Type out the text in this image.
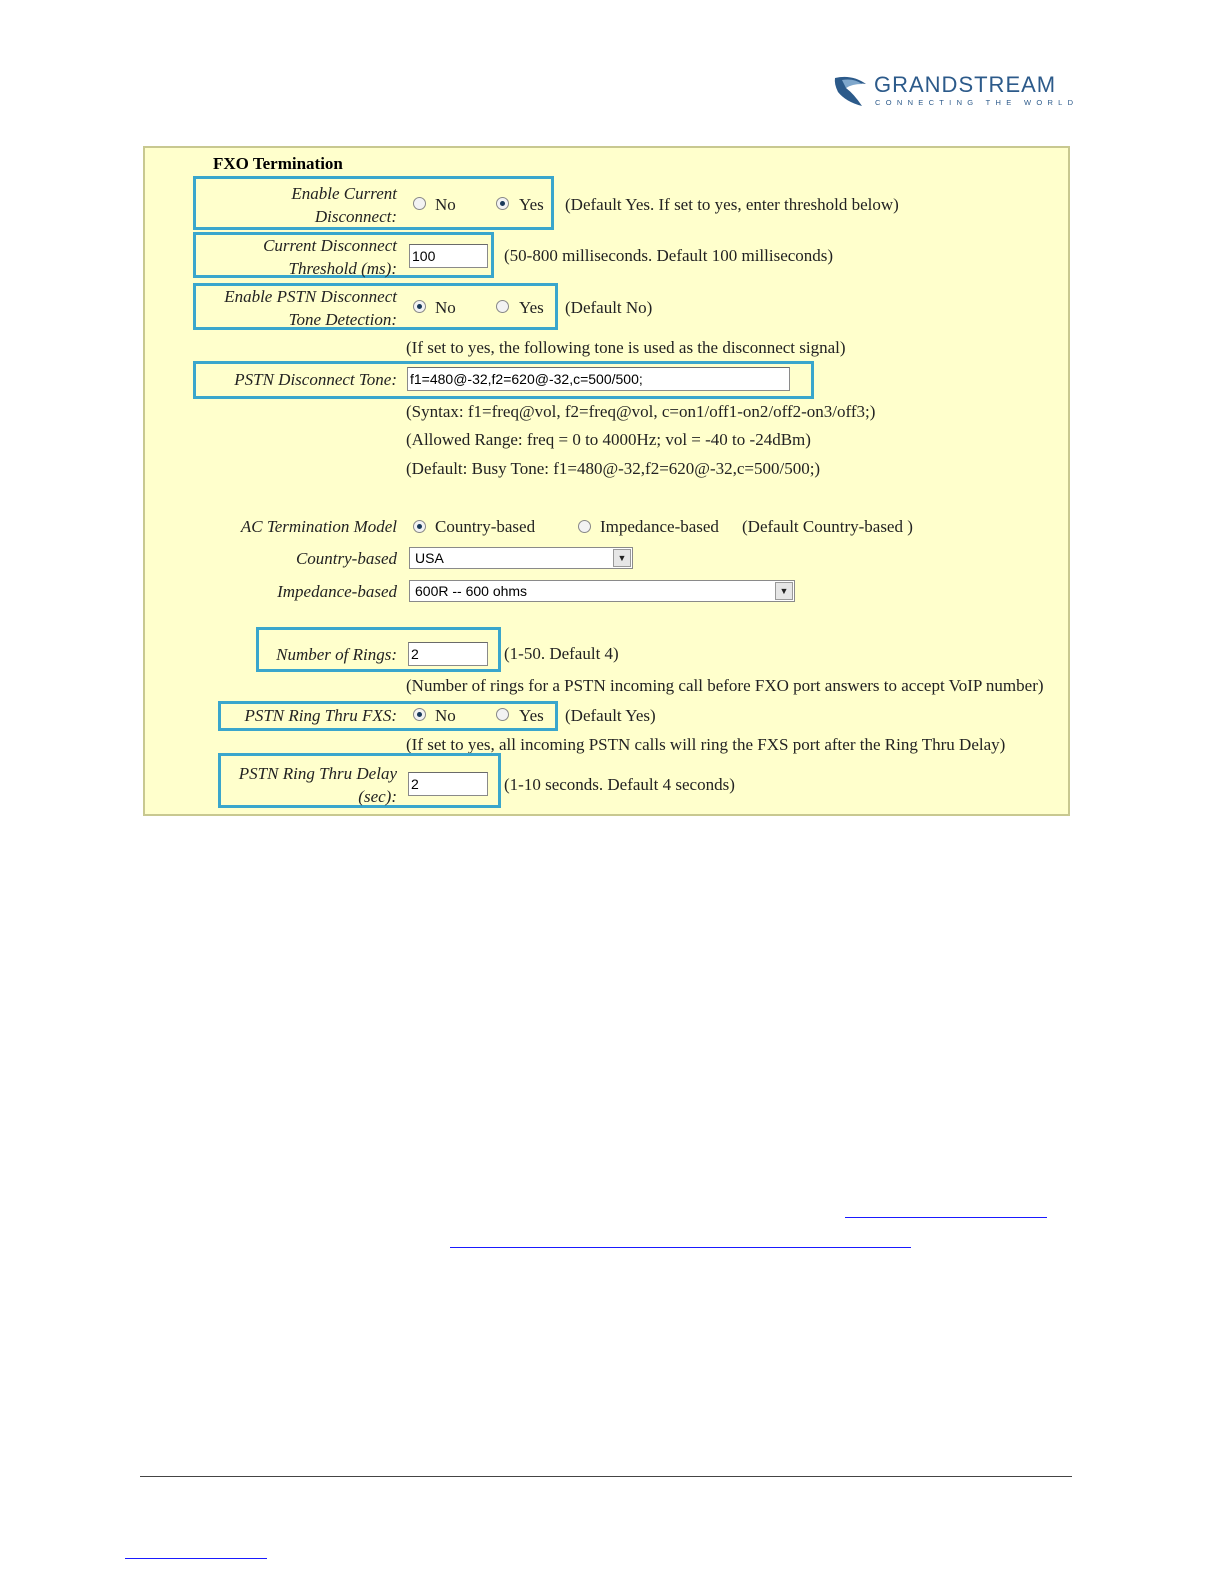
GRANDSTREAM
CONNECTING THE WORLD
FXO Termination
Enable Current
Disconnect:
No	Yes (Default Yes. If set to yes, enter threshold below)
Current Disconnect
Threshold (ms):
100	(50-800 milliseconds. Default 100 milliseconds)
Enable PSTN Disconnect
Tone Detection:
No	Yes (Default No)
(If set to yes, the following tone is used as the disconnect signal)
PSTN Disconnect Tone: f1=480@-32,f2=620@-32,c=500/500;
(Syntax: f1=freq@vol, f2=freq@vol, c=on1/off1-on2/off2-on3/off3;)
(Allowed Range: freq = 0 to 4000Hz; vol = -40 to -24dBm)
(Default: Busy Tone: f1=480@-32,f2=620@-32,c=500/500;)
AC Termination Model Country-based	Impedance-based (Default Country-based )
Country-based	USA	▼
Impedance-based	600R -- 600 ohms	▼
Number of Rings: 2	(1-50. Default 4)
(Number of rings for a PSTN incoming call before FXO port answers to accept VoIP number)
PSTN Ring Thru FXS: No	Yes (Default Yes)
(If set to yes, all incoming PSTN calls will ring the FXS port after the Ring Thru Delay)
PSTN Ring Thru Delay
(sec):
2	(1-10 seconds. Default 4 seconds)
